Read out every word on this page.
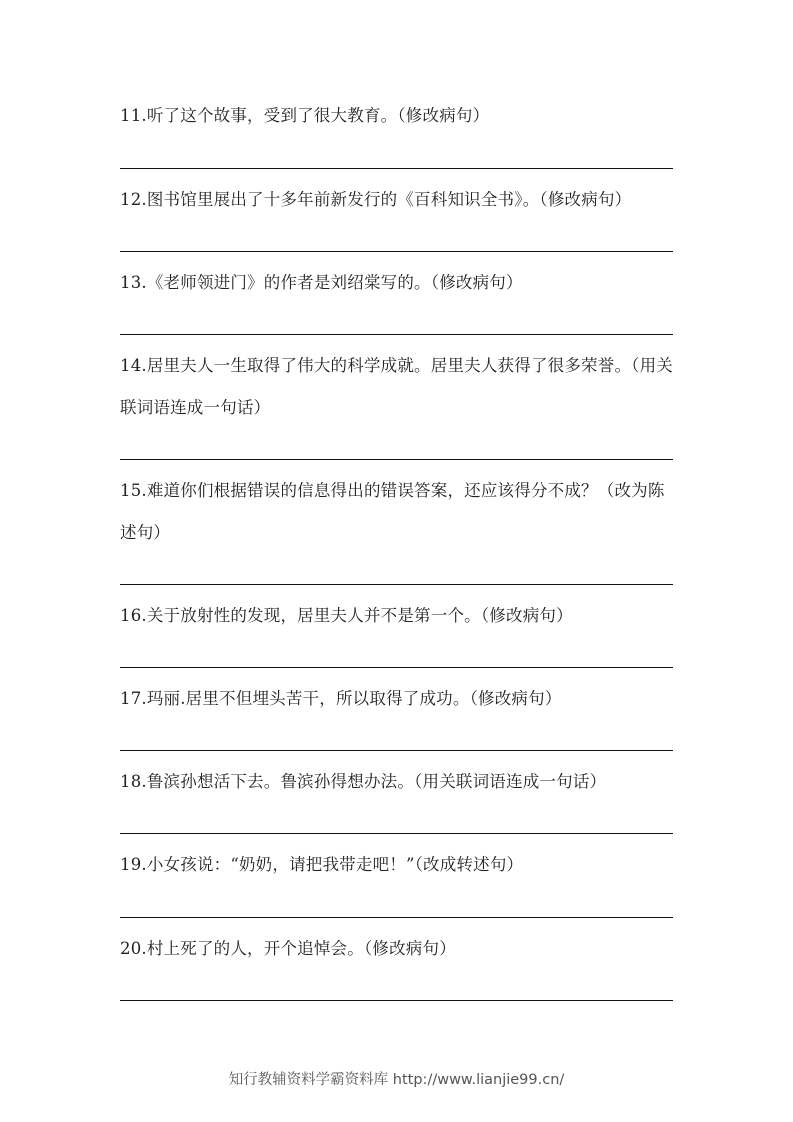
11.听了这个故事，受到了很大教育。（修改病句）
12.图书馆里展出了十多年前新发行的《百科知识全书》。（修改病句）
13.《老师领进门》的作者是刘绍棠写的。（修改病句）
14.居里夫人一生取得了伟大的科学成就。居里夫人获得了很多荣誉。（用关联词语连成一句话）
15.难道你们根据错误的信息得出的错误答案，还应该得分不成？（改为陈述句）
16.关于放射性的发现，居里夫人并不是第一个。（修改病句）
17.玛丽.居里不但埋头苦干，所以取得了成功。（修改病句）
18.鲁滨孙想活下去。鲁滨孙得想办法。（用关联词语连成一句话）
19.小女孩说：“奶奶，请把我带走吧！”（改成转述句）
20.村上死了的人，开个追悼会。（修改病句）
知行教辅资料学霸资料库 http://www.lianjie99.cn/
